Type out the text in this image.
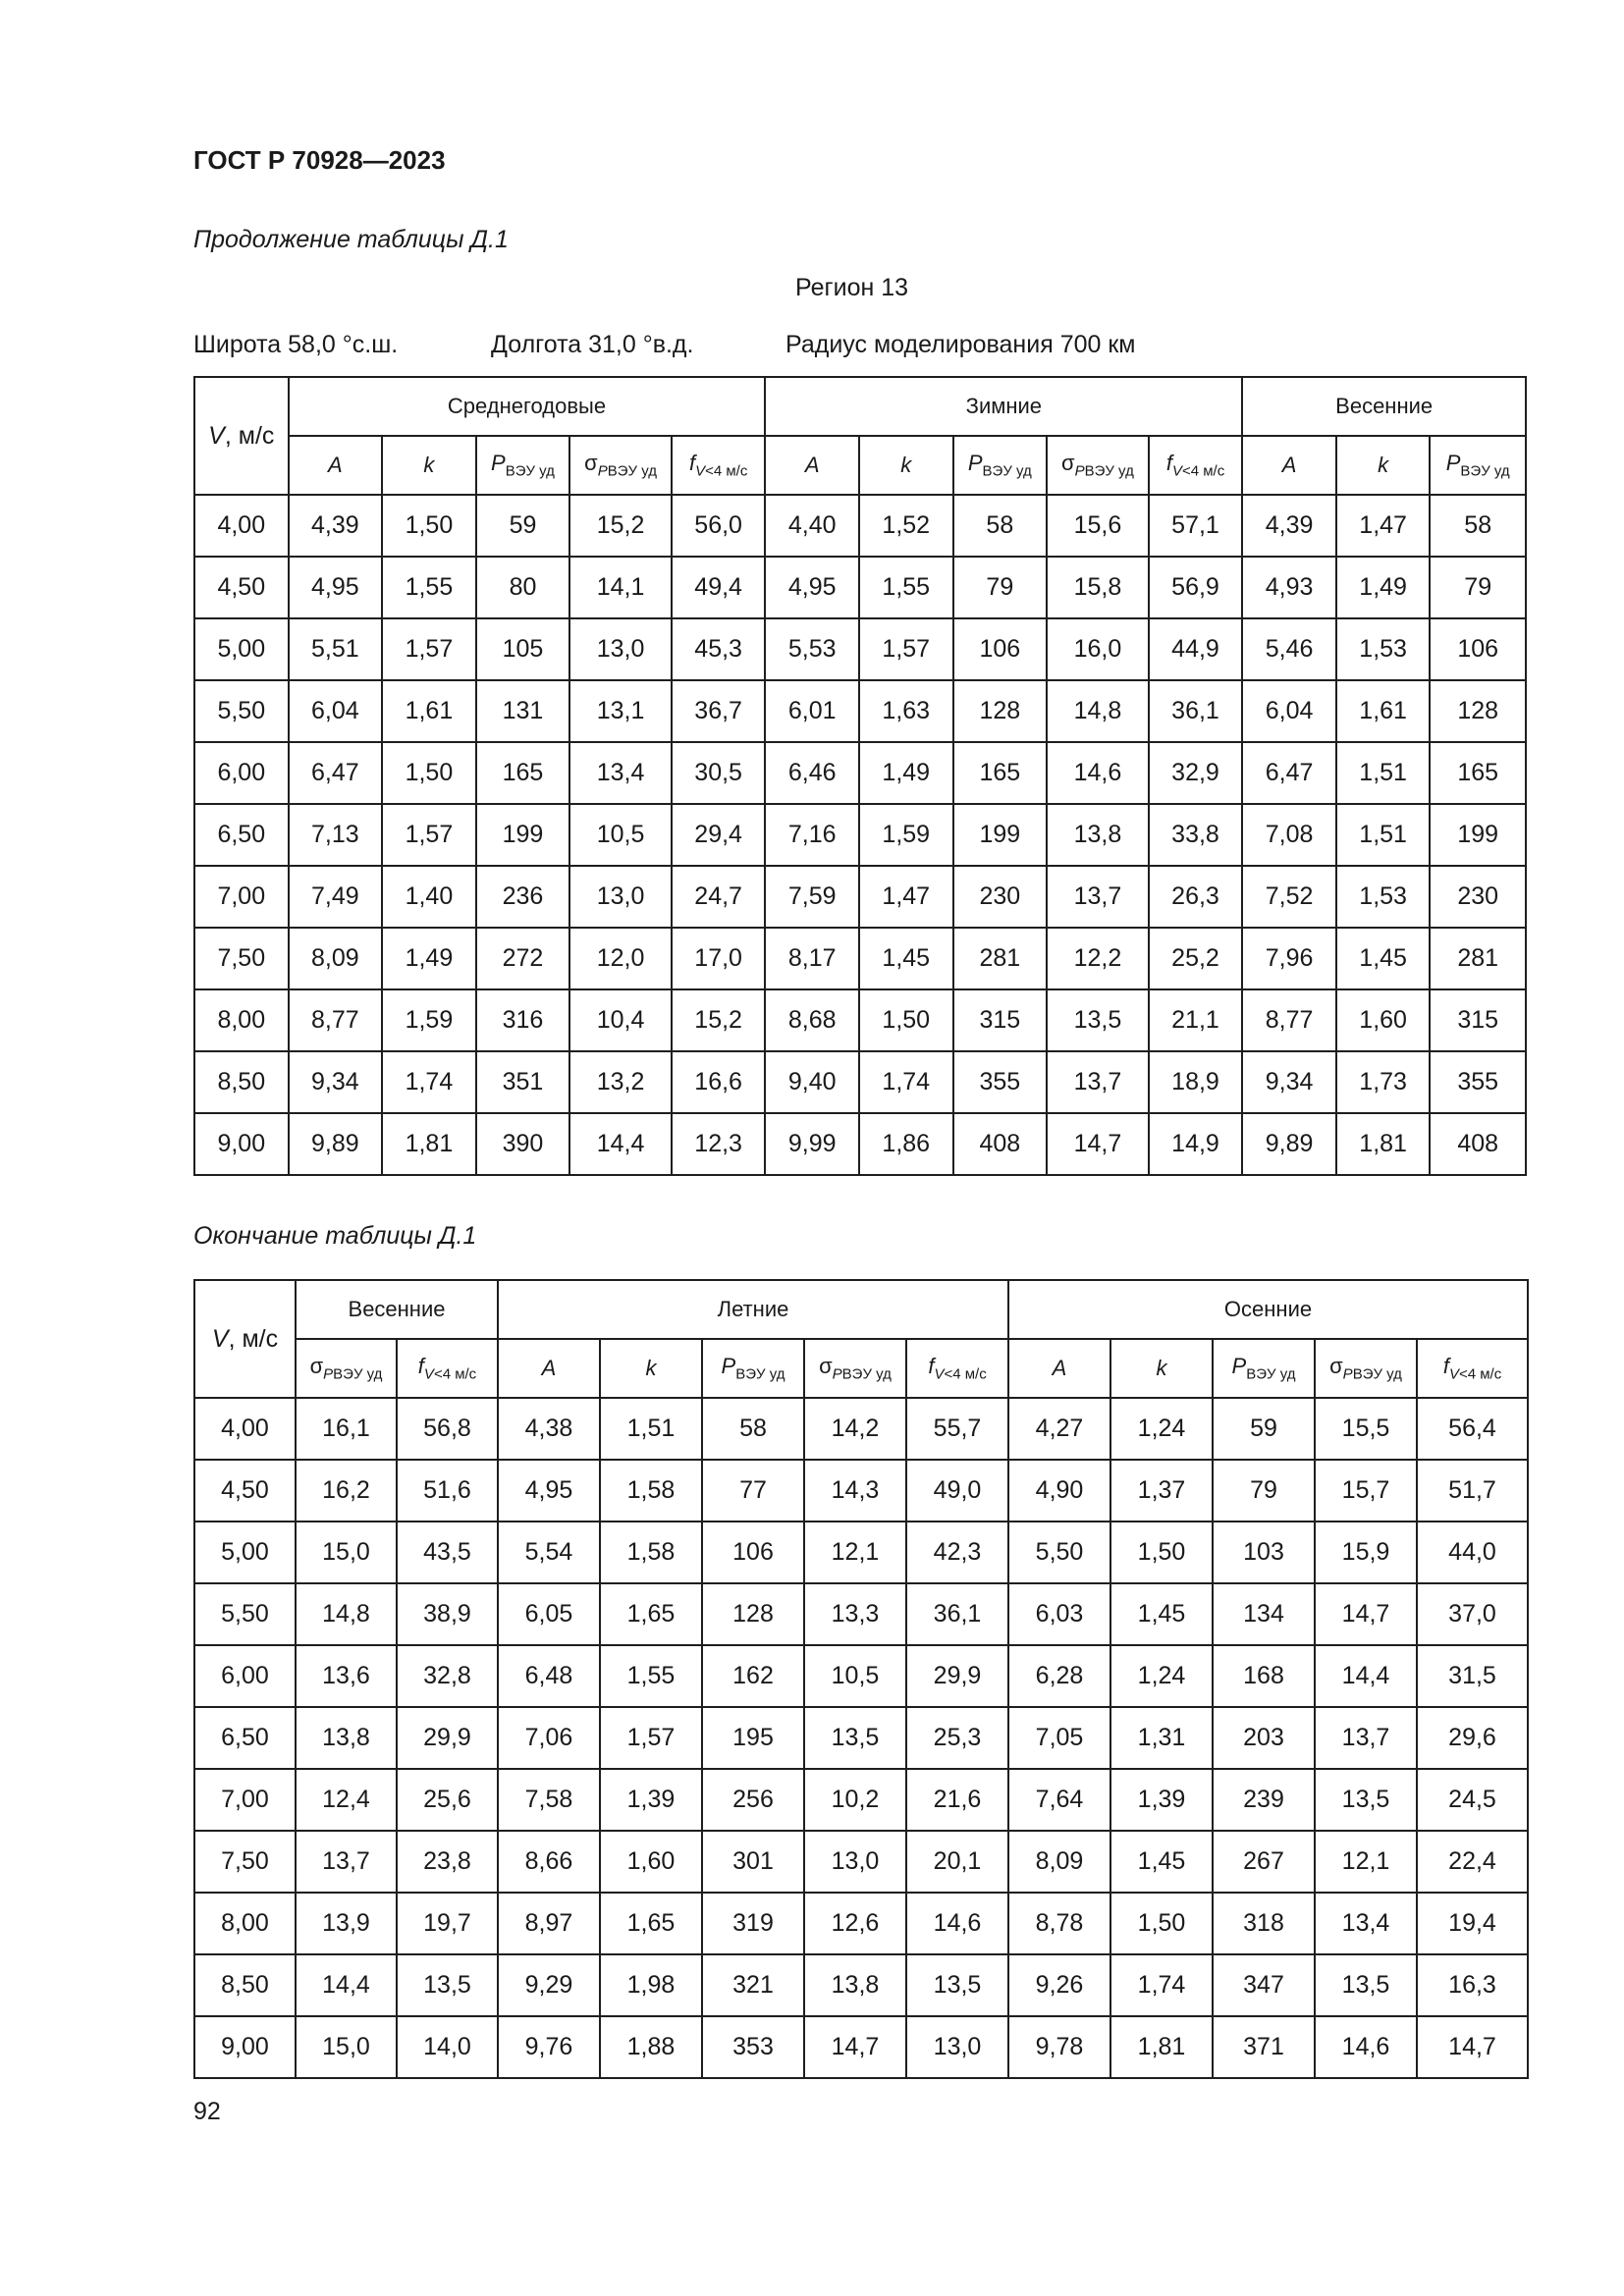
ГОСТ Р 70928—2023
Продолжение таблицы Д.1
Регион 13
Широта 58,0 °с.ш.	Долгота 31,0 °в.д.	Радиус моделирования 700 км
V, м/с	Среднегодовые					Зимние					Весенние		
	A	k	$P_{ВЭУ уд}$	$\sigma_{PВЭУ уд}$	$f_{V<4 м/с}$	A	k	$P_{ВЭУ уд}$	$\sigma_{PВЭУ уд}$	$f_{V<4 м/с}$	A	k	$P_{ВЭУ уд}$
4,00	4,39	1,50	59	15,2	56,0	4,40	1,52	58	15,6	57,1	4,39	1,47	58
4,50	4,95	1,55	80	14,1	49,4	4,95	1,55	79	15,8	56,9	4,93	1,49	79
5,00	5,51	1,57	105	13,0	45,3	5,53	1,57	106	16,0	44,9	5,46	1,53	106
5,50	6,04	1,61	131	13,1	36,7	6,01	1,63	128	14,8	36,1	6,04	1,61	128
6,00	6,47	1,50	165	13,4	30,5	6,46	1,49	165	14,6	32,9	6,47	1,51	165
6,50	7,13	1,57	199	10,5	29,4	7,16	1,59	199	13,8	33,8	7,08	1,51	199
7,00	7,49	1,40	236	13,0	24,7	7,59	1,47	230	13,7	26,3	7,52	1,53	230
7,50	8,09	1,49	272	12,0	17,0	8,17	1,45	281	12,2	25,2	7,96	1,45	281
8,00	8,77	1,59	316	10,4	15,2	8,68	1,50	315	13,5	21,1	8,77	1,60	315
8,50	9,34	1,74	351	13,2	16,6	9,40	1,74	355	13,7	18,9	9,34	1,73	355
9,00	9,89	1,81	390	14,4	12,3	9,99	1,86	408	14,7	14,9	9,89	1,81	408
Окончание таблицы Д.1
V, м/с	Весенние		Летние					Осенние				
	$\sigma_{PВЭУ уд}$	$f_{V<4 м/с}$	A	k	$P_{ВЭУ уд}$	$\sigma_{PВЭУ уд}$	$f_{V<4 м/с}$	A	k	$P_{ВЭУ уд}$	$\sigma_{PВЭУ уд}$	$f_{V<4 м/с}$
4,00	16,1	56,8	4,38	1,51	58	14,2	55,7	4,27	1,24	59	15,5	56,4
4,50	16,2	51,6	4,95	1,58	77	14,3	49,0	4,90	1,37	79	15,7	51,7
5,00	15,0	43,5	5,54	1,58	106	12,1	42,3	5,50	1,50	103	15,9	44,0
5,50	14,8	38,9	6,05	1,65	128	13,3	36,1	6,03	1,45	134	14,7	37,0
6,00	13,6	32,8	6,48	1,55	162	10,5	29,9	6,28	1,24	168	14,4	31,5
6,50	13,8	29,9	7,06	1,57	195	13,5	25,3	7,05	1,31	203	13,7	29,6
7,00	12,4	25,6	7,58	1,39	256	10,2	21,6	7,64	1,39	239	13,5	24,5
7,50	13,7	23,8	8,66	1,60	301	13,0	20,1	8,09	1,45	267	12,1	22,4
8,00	13,9	19,7	8,97	1,65	319	12,6	14,6	8,78	1,50	318	13,4	19,4
8,50	14,4	13,5	9,29	1,98	321	13,8	13,5	9,26	1,74	347	13,5	16,3
9,00	15,0	14,0	9,76	1,88	353	14,7	13,0	9,78	1,81	371	14,6	14,7
92
